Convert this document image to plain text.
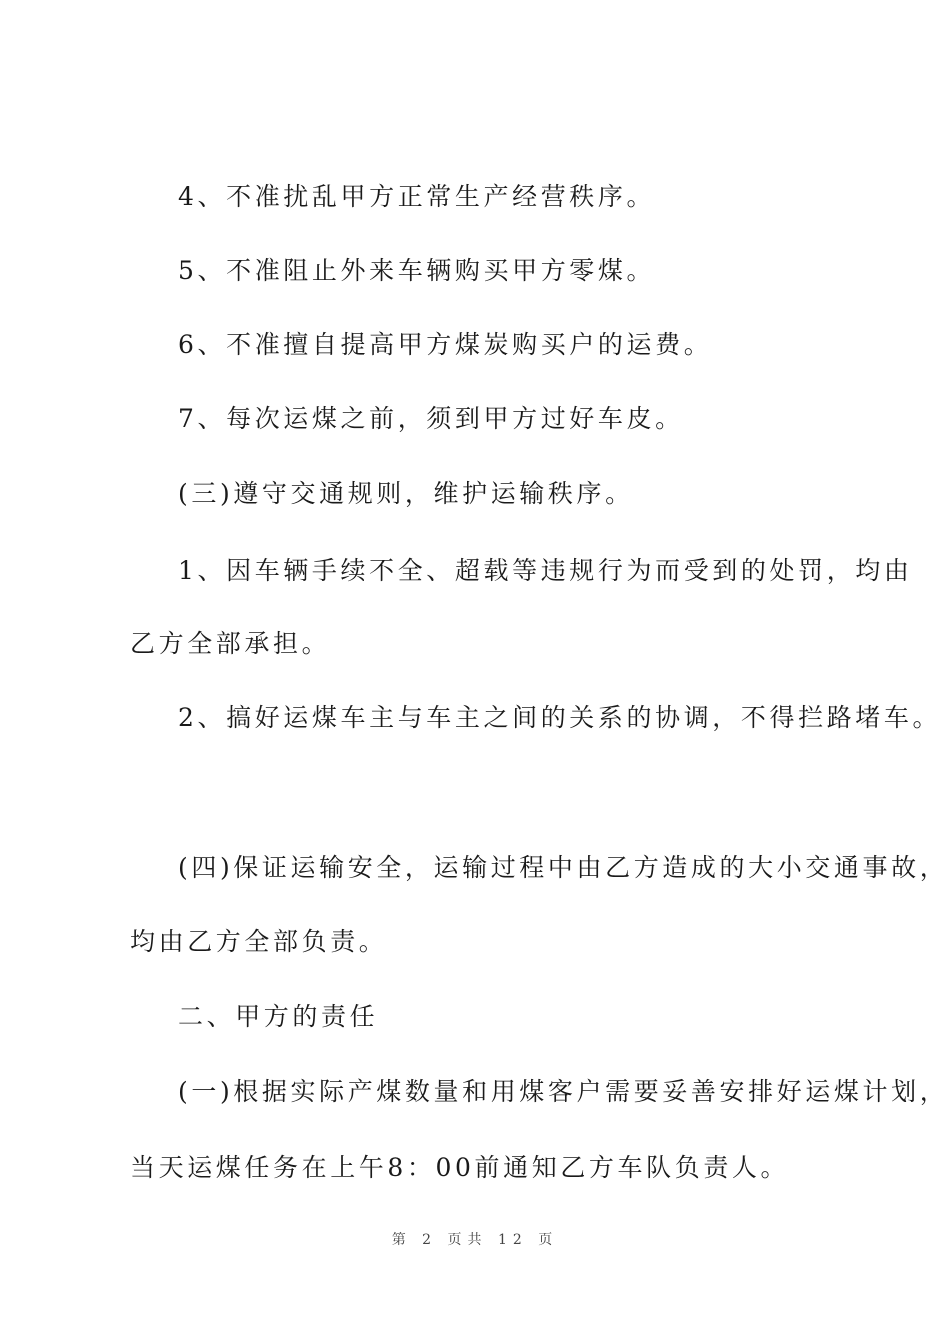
4、不准扰乱甲方正常生产经营秩序。
5、不准阻止外来车辆购买甲方零煤。
6、不准擅自提高甲方煤炭购买户的运费。
7、每次运煤之前，须到甲方过好车皮。
(三)遵守交通规则，维护运输秩序。
1、因车辆手续不全、超载等违规行为而受到的处罚，均由
乙方全部承担。
2、搞好运煤车主与车主之间的关系的协调，不得拦路堵车。
(四)保证运输安全，运输过程中由乙方造成的大小交通事故，
均由乙方全部负责。
二、甲方的责任
(一)根据实际产煤数量和用煤客户需要妥善安排好运煤计划，
当天运煤任务在上午8：00前通知乙方车队负责人。
第 2 页共 12 页
